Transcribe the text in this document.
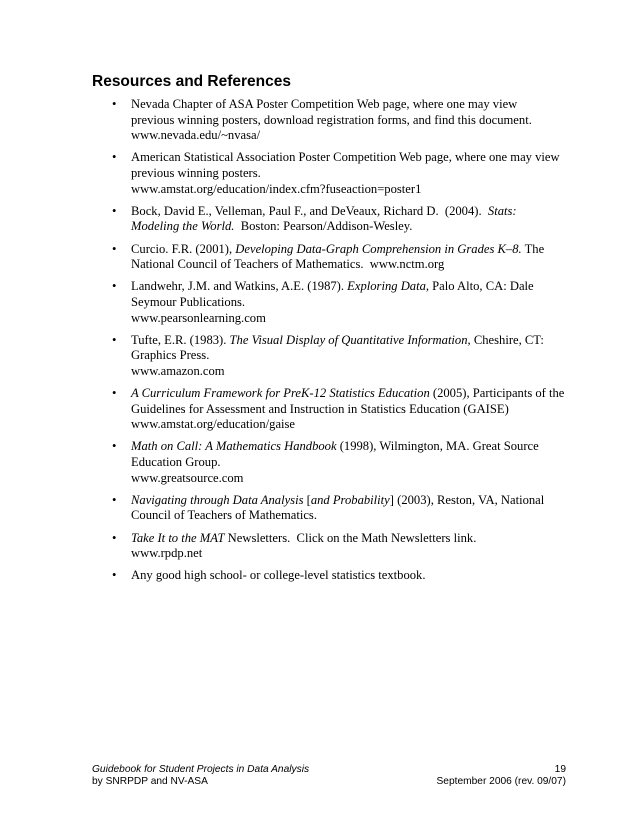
Resources and References
• Nevada Chapter of ASA Poster Competition Web page, where one may view
previous winning posters, download registration forms, and find this document.
www.nevada.edu/~nvasa/
• American Statistical Association Poster Competition Web page, where one may view
previous winning posters.
www.amstat.org/education/index.cfm?fuseaction=poster1
• Bock, David E., Velleman, Paul F., and DeVeaux, Richard D.  (2004).  Stats:
Modeling the World.  Boston: Pearson/Addison-Wesley.
• Curcio. F.R. (2001), Developing Data-Graph Comprehension in Grades K–8. The
National Council of Teachers of Mathematics.  www.nctm.org
• Landwehr, J.M. and Watkins, A.E. (1987). Exploring Data, Palo Alto, CA: Dale
Seymour Publications.
www.pearsonlearning.com
• Tufte, E.R. (1983). The Visual Display of Quantitative Information, Cheshire, CT:
Graphics Press.
www.amazon.com
• A Curriculum Framework for PreK-12 Statistics Education (2005), Participants of the
Guidelines for Assessment and Instruction in Statistics Education (GAISE)
www.amstat.org/education/gaise
• Math on Call: A Mathematics Handbook (1998), Wilmington, MA. Great Source
Education Group.
www.greatsource.com
• Navigating through Data Analysis [and Probability] (2003), Reston, VA, National
Council of Teachers of Mathematics.
• Take It to the MAT Newsletters.  Click on the Math Newsletters link.
www.rpdp.net
• Any good high school- or college-level statistics textbook.
Guidebook for Student Projects in Data Analysis	19
by SNRPDP and NV-ASA	September 2006 (rev. 09/07)
